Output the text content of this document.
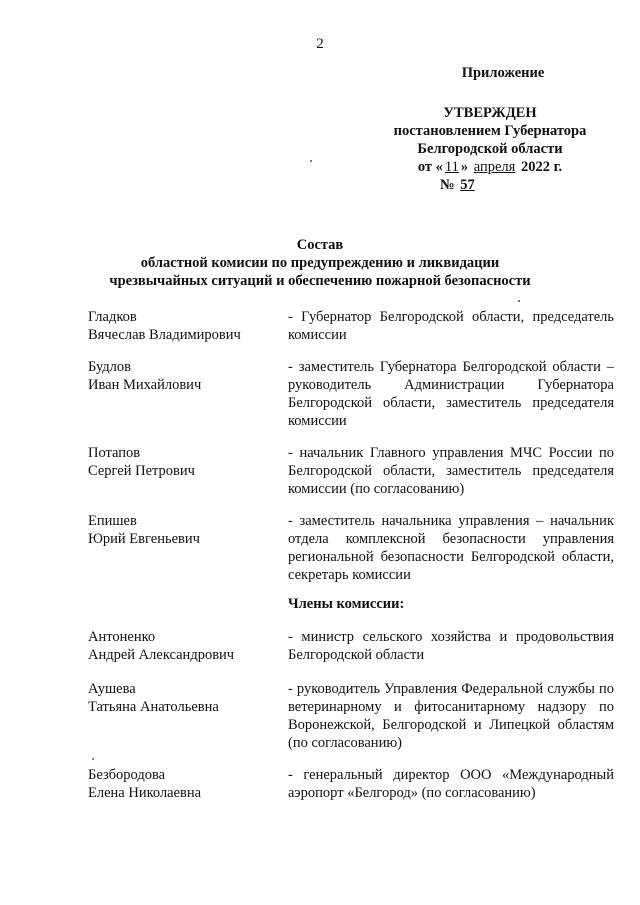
2
Приложение
УТВЕРЖДЕН
постановлением Губернатора
Белгородской области
от « 11 » апреля 2022 г.
№ 57
Состав
областной комисии по предупреждению и ликвидации
чрезвычайных ситуаций и обеспечению пожарной безопасности
Гладков
Вячеслав Владимирович
- Губернатор Белгородской области, председатель комиссии
Будлов
Иван Михайлович
- заместитель Губернатора Белгородской области – руководитель Администрации Губернатора Белгородской области, заместитель председателя комиссии
Потапов
Сергей Петрович
- начальник Главного управления МЧС России по Белгородской области, заместитель председателя комиссии (по согласованию)
Епишев
Юрий Евгеньевич
- заместитель начальника управления – начальник отдела комплексной безопасности управления региональной безопасности Белгородской области, секретарь комиссии
Члены комиссии:
Антоненко
Андрей Александрович
- министр сельского хозяйства и продовольствия Белгородской области
Аушева
Татьяна Анатольевна
- руководитель Управления Федеральной службы по ветеринарному и фитосанитарному надзору по Воронежской, Белгородской и Липецкой областям (по согласованию)
Безбородова
Елена Николаевна
- генеральный директор ООО «Международный аэропорт «Белгород» (по согласованию)
